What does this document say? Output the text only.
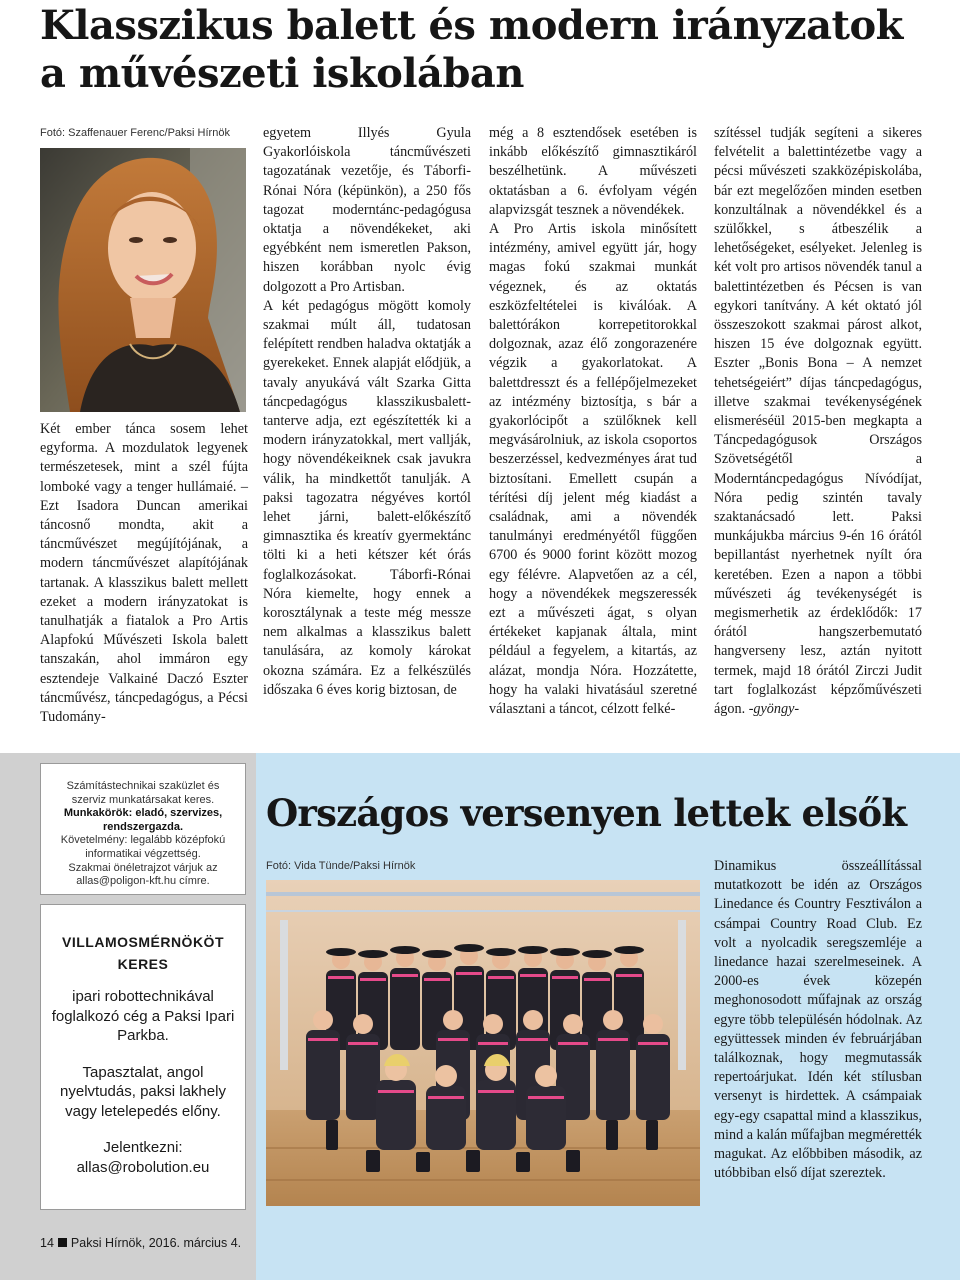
Klasszikus balett és modern irányzatok a művészeti iskolában
Fotó: Szaffenauer Ferenc/Paksi Hírnök

Két ember tánca sosem lehet egyforma. A mozdulatok legyenek természetesek, mint a szél fújta lomboké vagy a tenger hullámaié. – Ezt Isadora Duncan amerikai táncosnő mondta, akit a táncművészet megújítójának, a modern táncművészet alapítójának tartanak. A klasszikus balett mellett ezeket a modern irányzatokat is tanulhatják a fiatalok a Pro Artis Alapfokú Művészeti Iskola balett tanszakán, ahol immáron egy esztendeje Valkainé Daczó Eszter táncművész, táncpedagógus, a Pécsi Tudomány-

egyetem Illyés Gyula Gyakorlóiskola táncművészeti tagozatának vezetője, és Táborfi-Rónai Nóra (képünkön), a 250 fős tagozat moderntánc-pedagógusa oktatja a növendékeket, aki egyébként nem ismeretlen Pakson, hiszen korábban nyolc évig dolgozott a Pro Artisban.

A két pedagógus mögött komoly szakmai múlt áll, tudatosan felépített rendben haladva oktatják a gyerekeket. Ennek alapját elődjük, a tavaly anyukává vált Szarka Gitta táncpedagógus klasszikusbalett-tanterve adja, ezt egészítették ki a modern irányzatokkal, mert vallják, hogy növendékeiknek csak javukra válik, ha mindkettőt tanulják. A paksi tagozatra négyéves kortól lehet járni, balett-előkészítő gimnasztika és kreatív gyermektánc tölti ki a heti kétszer két órás foglalkozásokat. Táborfi-Rónai Nóra kiemelte, hogy ennek a korosztálynak a teste még messze nem alkalmas a klasszikus balett tanulására, az komoly károkat okozna számára. Ez a felkészülés időszaka 6 éves korig biztosan, de

még a 8 esztendősek esetében is inkább előkészítő gimnasztikáról beszélhetünk. A művészeti oktatásban a 6. évfolyam végén alapvizsgát tesznek a növendékek.

A Pro Artis iskola minősített intézmény, amivel együtt jár, hogy magas fokú szakmai munkát végeznek, és az oktatás eszközfeltételei is kiválóak. A balettórákon korrepetitorokkal dolgoznak, azaz élő zongorazenére végzik a gyakorlatokat. A balettdresszt és a fellépőjelmezeket az intézmény biztosítja, s bár a gyakorlócipőt a szülőknek kell megvásárolniuk, az iskola csoportos beszerzéssel, kedvezményes árat tud biztosítani. Emellett csupán a térítési díj jelent még kiadást a családnak, ami a növendék tanulmányi eredményétől függően 6700 és 9000 forint között mozog egy félévre. Alapvetően az a cél, hogy a növendékek megszeressék ezt a művészeti ágat, s olyan értékeket kapjanak általa, mint például a fegyelem, a kitartás, az alázat, mondja Nóra. Hozzátette, hogy ha valaki hivatásául szeretné választani a táncot, célzott felké-

szítéssel tudják segíteni a sikeres felvételit a balettintézetbe vagy a pécsi művészeti szakközépiskolába, bár ezt megelőzően minden esetben konzultálnak a növendékkel és a szülőkkel, s átbeszélik a lehetőségeket, esélyeket. Jelenleg is két volt pro artisos növendék tanul a balettintézetben és Pécsen is van egykori tanítvány. A két oktató jól összeszokott szakmai párost alkot, hiszen 15 éve dolgoznak együtt. Eszter „Bonis Bona – A nemzet tehetségeiért” díjas táncpedagógus, illetve szakmai tevékenységének elismeréséül 2015-ben megkapta a Táncpedagógusok Országos Szövetségétől a Moderntáncpedagógus Nívódíjat, Nóra pedig szintén tavaly szaktanácsadó lett. Paksi munkájukba március 9-én 16 órától bepillantást nyerhetnek nyílt óra keretében. Ezen a napon a többi művészeti ág tevékenységét is megismerhetik az érdeklődők: 17 órától hangszerbemutató hangverseny lesz, aztán nyitott termek, majd 18 órától Zirczi Judit tart foglalkozást képzőművészeti ágon. -gyöngy-

Számítástechnikai szaküzlet és szerviz munkatársakat keres.
Munkakörök: eladó, szervizes, rendszergazda.
Követelmény: legalább középfokú informatikai végzettség.
Szakmai önéletrajzot várjuk az allas@poligon-kft.hu címre.
VILLAMOSMÉRNÖKÖT KERES

ipari robottechnikával foglalkozó cég a Paksi Ipari Parkba.

Tapasztalat, angol nyelvtudás, paksi lakhely vagy letelepedés előny.

Jelentkezni: allas@robolution.eu

14 Paksi Hírnök, 2016. március 4.
Országos versenyen lettek elsők
Fotó: Vida Tünde/Paksi Hírnök	Dinamikus összeállítással mutatkozott be idén az Országos Linedance és Country Fesztiválon a csámpai Country Road Club. Ez volt a nyolcadik seregszemléje a linedance hazai szerelmeseinek. A 2000-es évek közepén meghonosodott műfajnak az ország egyre több településén hódolnak. Az együttessek minden év februárjában találkoznak, hogy megmutassák repertoárjukat. Idén két stílusban versenyt is hirdettek. A csámpaiak egy-egy csapattal mind a klasszikus, mind a kalán műfajban megmérették magukat. Az előbbiben második, az utóbbiban első díjat szereztek.
